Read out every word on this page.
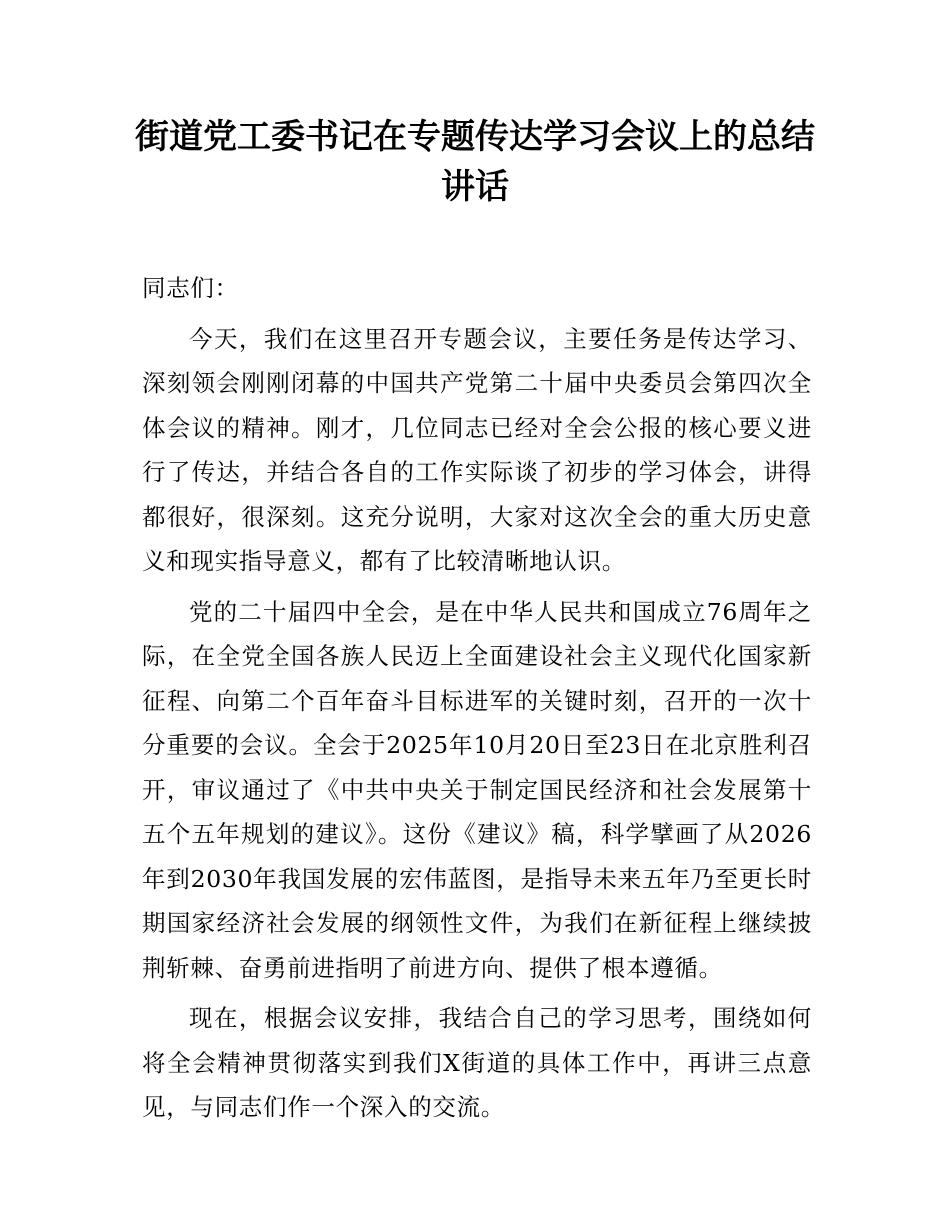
街道党工委书记在专题传达学习会议上的总结讲话

同志们：

今天，我们在这里召开专题会议，主要任务是传达学习、深刻领会刚刚闭幕的中国共产党第二十届中央委员会第四次全体会议的精神。刚才，几位同志已经对全会公报的核心要义进行了传达，并结合各自的工作实际谈了初步的学习体会，讲得都很好，很深刻。这充分说明，大家对这次全会的重大历史意义和现实指导意义，都有了比较清晰地认识。

党的二十届四中全会，是在中华人民共和国成立76周年之际，在全党全国各族人民迈上全面建设社会主义现代化国家新征程、向第二个百年奋斗目标进军的关键时刻，召开的一次十分重要的会议。全会于2025年10月20日至23日在北京胜利召开，审议通过了《中共中央关于制定国民经济和社会发展第十五个五年规划的建议》。这份《建议》稿，科学擘画了从2026年到2030年我国发展的宏伟蓝图，是指导未来五年乃至更长时期国家经济社会发展的纲领性文件，为我们在新征程上继续披荆斩棘、奋勇前进指明了前进方向、提供了根本遵循。

现在，根据会议安排，我结合自己的学习思考，围绕如何将全会精神贯彻落实到我们X街道的具体工作中，再讲三点意见，与同志们作一个深入的交流。
